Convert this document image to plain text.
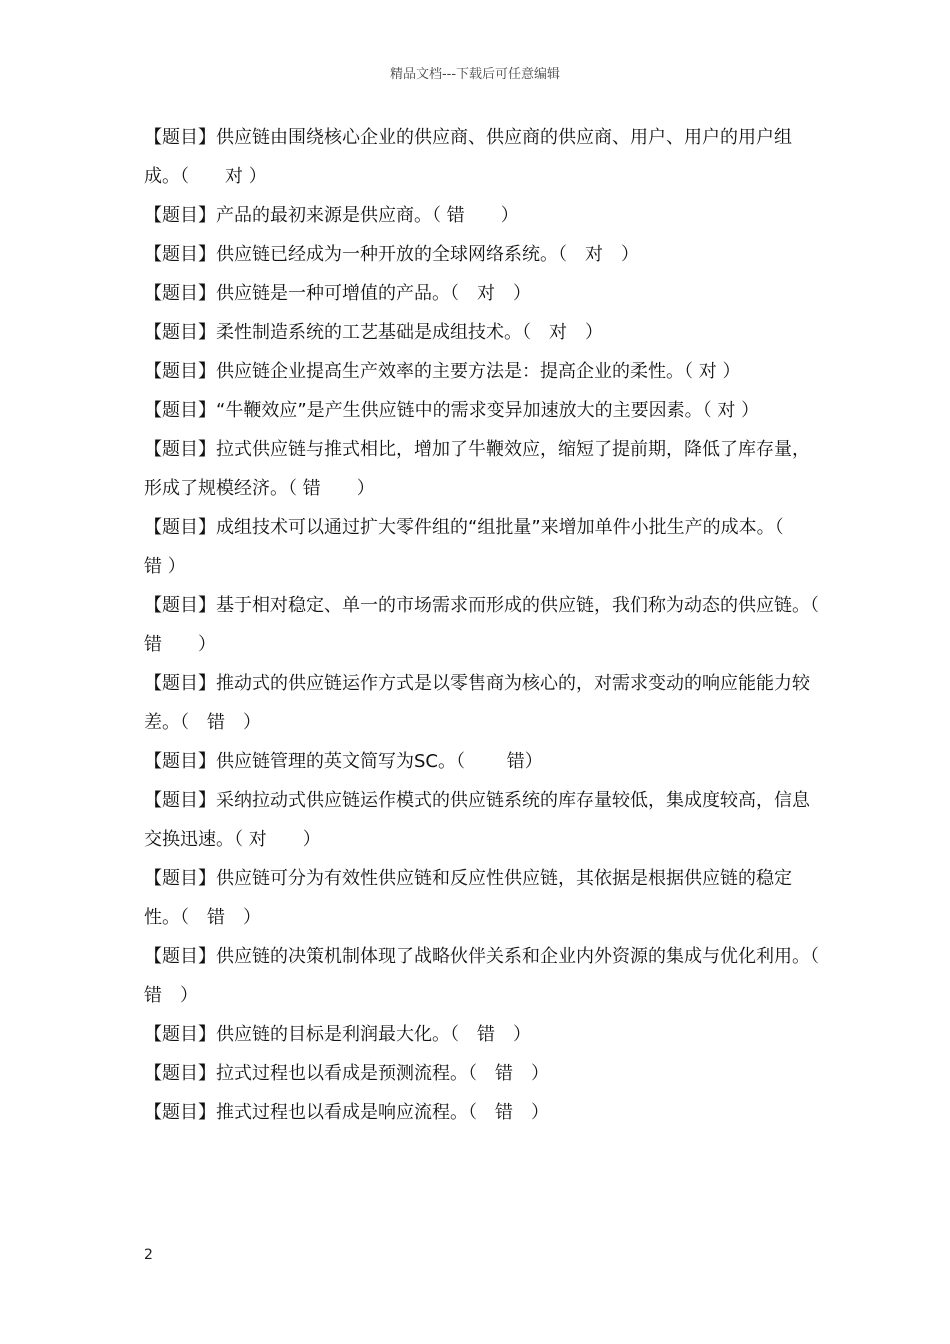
精品文档---下载后可任意编辑

【题目】供应链由围绕核心企业的供应商、供应商的供应商、用户、用户的用户组成。（　　对 ）

【题目】产品的最初来源是供应商。（ 错　　）

【题目】供应链已经成为一种开放的全球网络系统。（　对　）

【题目】供应链是一种可增值的产品。（　对　）

【题目】柔性制造系统的工艺基础是成组技术。（　对　）

【题目】供应链企业提高生产效率的主要方法是：提高企业的柔性。（ 对 ）

【题目】“牛鞭效应”是产生供应链中的需求变异加速放大的主要因素。（ 对 ）

【题目】拉式供应链与推式相比，增加了牛鞭效应，缩短了提前期，降低了库存量，形成了规模经济。（ 错　　）

【题目】成组技术可以通过扩大零件组的“组批量”来增加单件小批生产的成本。（　　错 ）

【题目】基于相对稳定、单一的市场需求而形成的供应链，我们称为动态的供应链。（ 错　　）

【题目】推动式的供应链运作方式是以零售商为核心的，对需求变动的响应能能力较差。（　错　）

【题目】供应链管理的英文简写为SC。（　　 错）

【题目】采纳拉动式供应链运作模式的供应链系统的库存量较低，集成度较高，信息交换迅速。（ 对　　）

【题目】供应链可分为有效性供应链和反应性供应链，其依据是根据供应链的稳定性。（　错　）

【题目】供应链的决策机制体现了战略伙伴关系和企业内外资源的集成与优化利用。（　错　）

【题目】供应链的目标是利润最大化。（　错　）

【题目】拉式过程也以看成是预测流程。（　错　）

【题目】推式过程也以看成是响应流程。（　错　）

2
